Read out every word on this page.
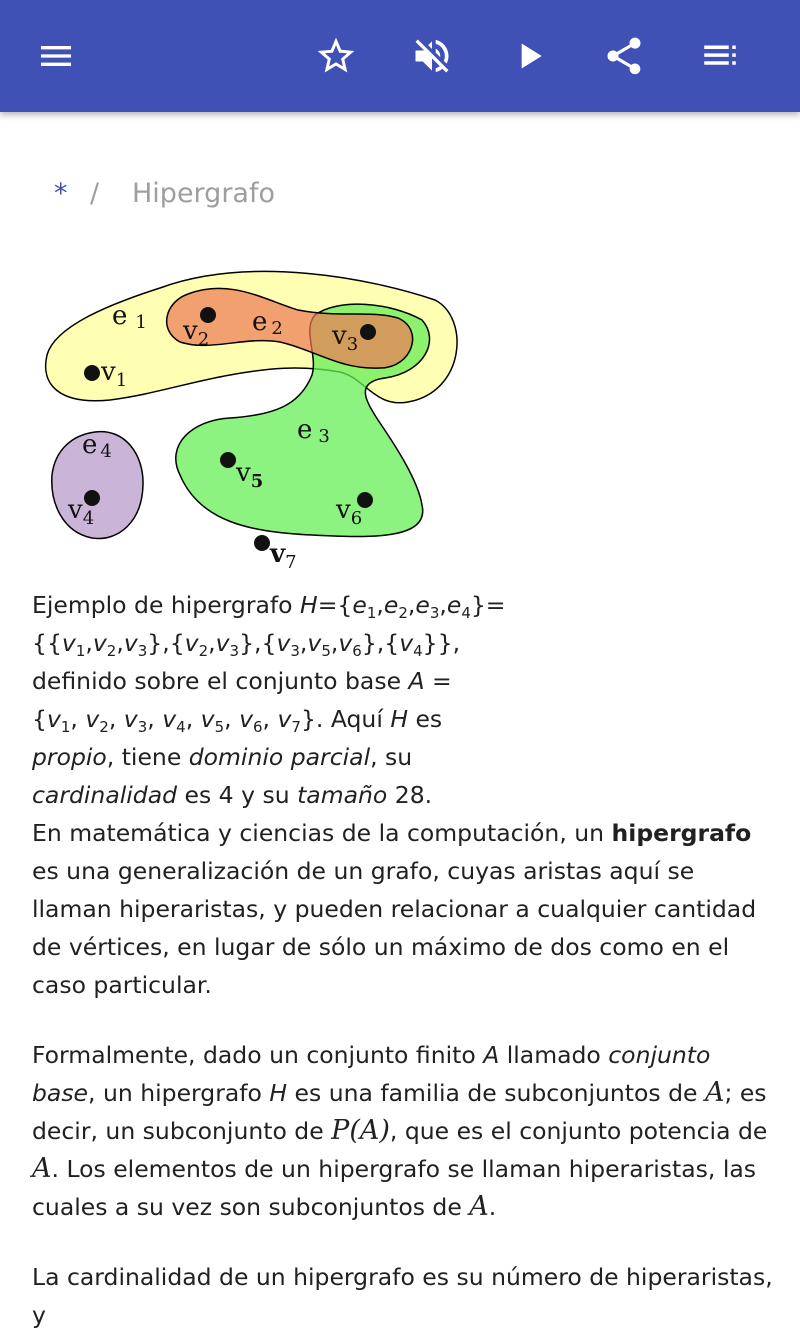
* / Hipergrafo
e 1	e 2
e 3
e 4
$v_1$
$v_2$	$v_3$
$v_4$
$v_5$
$v_6$
$v_7$

Ejemplo de hipergrafo $H=\{e_1,e_2,e_3,e_4\}=$
$\{\{v_1,v_2,v_3\},\{v_2,v_3\},\{v_3,v_5,v_6\},\{v_4\}\}$,
definido sobre el conjunto base A =
{$v_1$, $v_2$, $v_3$, $v_4$, $v_5$, $v_6$, $v_7$}. Aquí H es
propio, tiene dominio parcial, su
cardinalidad es 4 y su tamaño 28.

En matemática y ciencias de la computación, un hipergrafo es una generalización de un grafo, cuyas aristas aquí se llaman hiperaristas, y pueden relacionar a cualquier cantidad de vértices, en lugar de sólo un máximo de dos como en el caso particular.

Formalmente, dado un conjunto finito A llamado conjunto base, un hipergrafo H es una familia de subconjuntos de A; es decir, un subconjunto de P(A), que es el conjunto potencia de A. Los elementos de un hipergrafo se llaman hiperaristas, las cuales a su vez son subconjuntos de A.

La cardinalidad de un hipergrafo es su número de hiperaristas, y
